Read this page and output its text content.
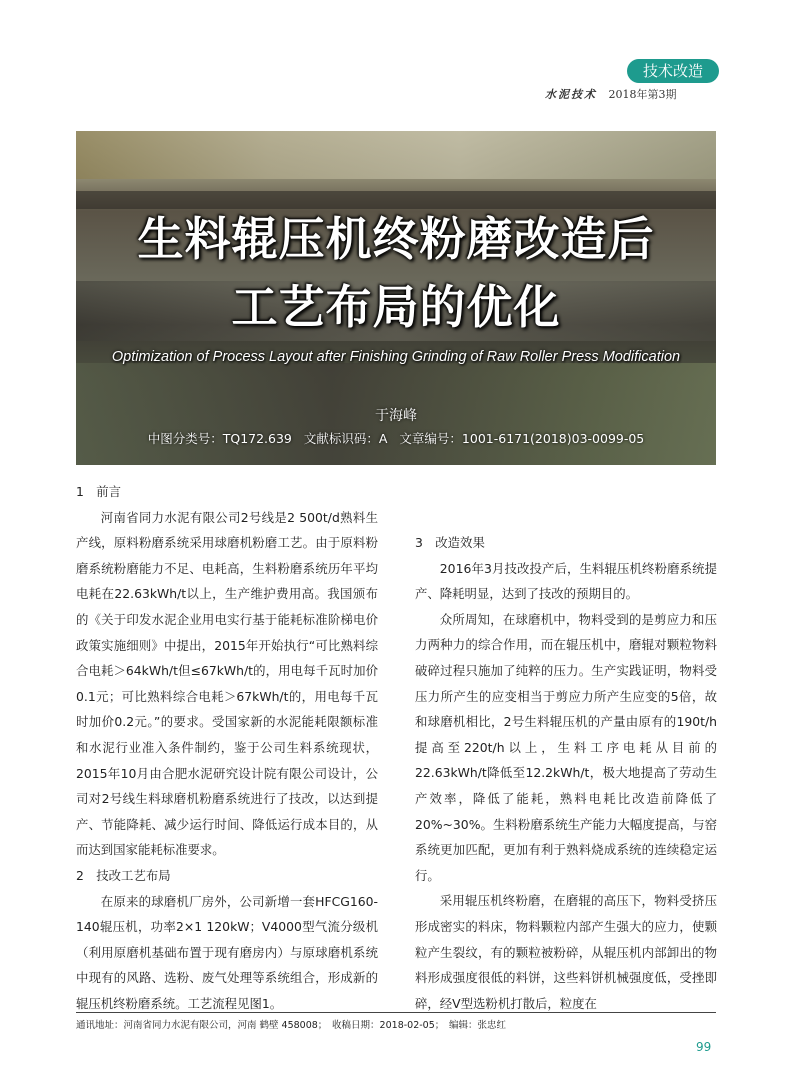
技术改造
水泥技术 2018年第3期
生料辊压机终粉磨改造后
工艺布局的优化
Optimization of Process Layout after Finishing Grinding of Raw Roller Press Modification
于海峰
中图分类号：TQ172.639 文献标识码：A 文章编号：1001-6171(2018)03-0099-05
1　前言

河南省同力水泥有限公司2号线是2 500t/d熟料生产线，原料粉磨系统采用球磨机粉磨工艺。由于原料粉磨系统粉磨能力不足、电耗高，生料粉磨系统历年平均电耗在22.63kWh/t以上，生产维护费用高。我国颁布的《关于印发水泥企业用电实行基于能耗标准阶梯电价政策实施细则》中提出，2015年开始执行“可比熟料综合电耗＞64kWh/t但≤67kWh/t的，用电每千瓦时加价0.1元；可比熟料综合电耗＞67kWh/t的，用电每千瓦时加价0.2元。”的要求。受国家新的水泥能耗限额标准和水泥行业准入条件制约，鉴于公司生料系统现状，2015年10月由合肥水泥研究设计院有限公司设计，公司对2号线生料球磨机粉磨系统进行了技改，以达到提产、节能降耗、减少运行时间、降低运行成本目的，从而达到国家能耗标准要求。

2　技改工艺布局

在原来的球磨机厂房外，公司新增一套HFCG160-140辊压机，功率2×1 120kW；V4000型气流分级机（利用原磨机基础布置于现有磨房内）与原球磨机系统中现有的风路、选粉、废气处理等系统组合，形成新的辊压机终粉磨系统。工艺流程见图1。

3　改造效果

2016年3月技改投产后，生料辊压机终粉磨系统提产、降耗明显，达到了技改的预期目的。

众所周知，在球磨机中，物料受到的是剪应力和压力两种力的综合作用，而在辊压机中，磨辊对颗粒物料破碎过程只施加了纯粹的压力。生产实践证明，物料受压力所产生的应变相当于剪应力所产生应变的5倍，故和球磨机相比，2号生料辊压机的产量由原有的190t/h提高至220t/h以上，生料工序电耗从目前的22.63kWh/t降低至12.2kWh/t，极大地提高了劳动生产效率，降低了能耗，熟料电耗比改造前降低了20%~30%。生料粉磨系统生产能力大幅度提高，与窑系统更加匹配，更加有利于熟料烧成系统的连续稳定运行。

采用辊压机终粉磨，在磨辊的高压下，物料受挤压形成密实的料床，物料颗粒内部产生强大的应力，使颗粒产生裂纹，有的颗粒被粉碎，从辊压机内部卸出的物料形成强度很低的料饼，这些料饼机械强度低，受挫即碎，经V型选粉机打散后，粒度在

通讯地址：河南省同力水泥有限公司，河南 鹤壁 458008；　收稿日期：2018-02-05；　编辑：张忠红
99
